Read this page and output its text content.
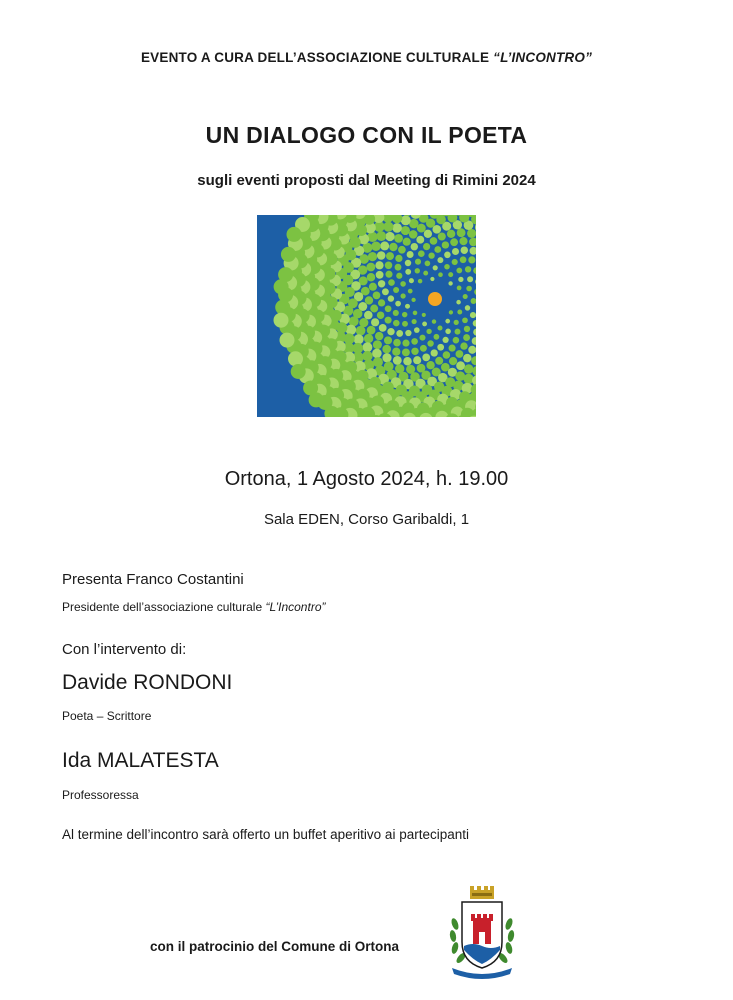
EVENTO A CURA DELL’ASSOCIAZIONE CULTURALE “L’INCONTRO”
UN DIALOGO CON IL POETA
sugli eventi proposti dal Meeting di Rimini 2024
Ortona, 1 Agosto 2024, h. 19.00
Sala EDEN, Corso Garibaldi, 1
Presenta Franco Costantini
Presidente dell’associazione culturale “L’Incontro”
Con l’intervento di:
Davide RONDONI
Poeta – Scrittore
Ida MALATESTA
Professoressa
Al termine dell’incontro sarà offerto un buffet aperitivo ai partecipanti
con il patrocinio del Comune di Ortona
